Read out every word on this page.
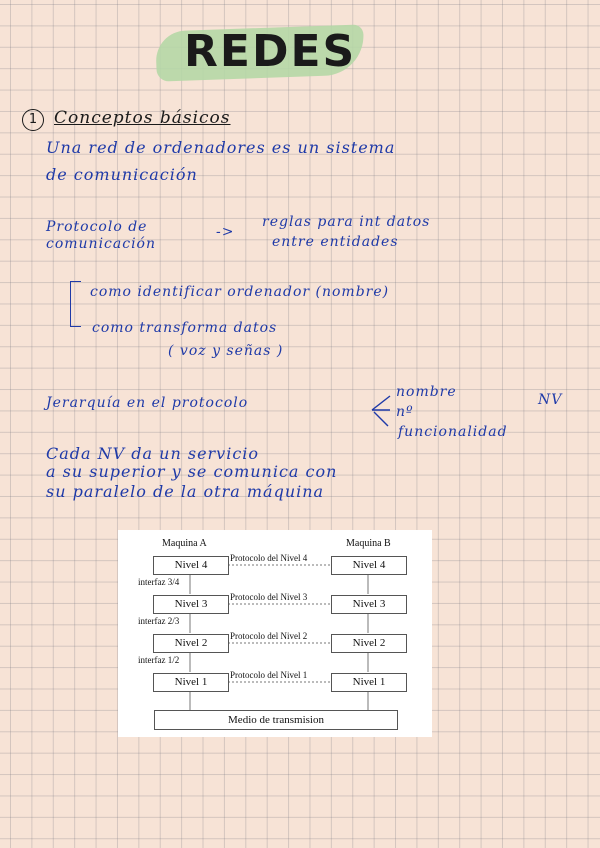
REDES
1 Conceptos básicos
Una red de ordenadores es un sistema
de comunicación
Protocolo de
comunicación
->
reglas para int datos
entre entidades
como identificar ordenador (nombre)
como transforma datos
( voz y señas )
Jerarquía en el protocolo
nombre
nº
funcionalidad
NV
Cada NV da un servicio
a su superior y se comunica con
su paralelo de la otra máquina
Maquina A	Maquina B
Nivel 4
Nivel 3
Nivel 2
Nivel 1
Nivel 4
Nivel 3
Nivel 2
Nivel 1
Protocolo del Nivel 4
Protocolo del Nivel 3
Protocolo del Nivel 2
Protocolo del Nivel 1
interfaz 3/4
interfaz 2/3
interfaz 1/2
Medio de transmision
